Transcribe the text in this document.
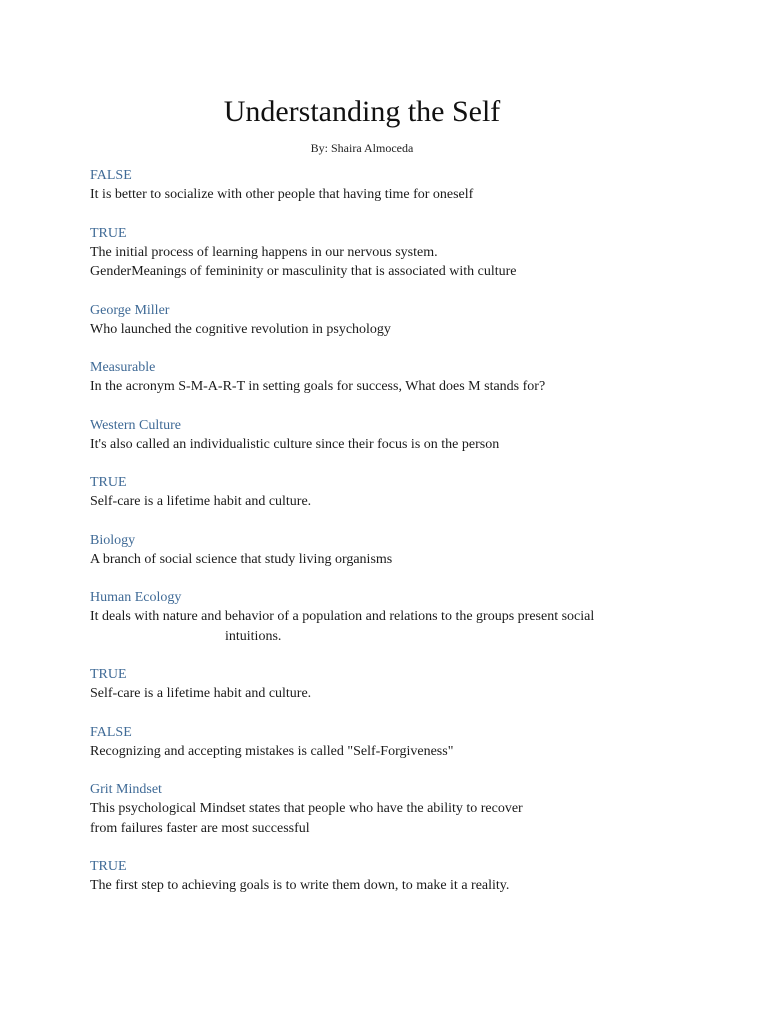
Understanding the Self
By: Shaira Almoceda
FALSE
It is better to socialize with other people that having time for oneself
TRUE
The initial process of learning happens in our nervous system.
GenderMeanings of femininity or masculinity that is associated with culture
George Miller
Who launched the cognitive revolution in psychology
Measurable
In the acronym S-M-A-R-T in setting goals for success, What does M stands for?
Western Culture
It's also called an individualistic culture since their focus is on the person
TRUE
Self-care is a lifetime habit and culture.
Biology
A branch of social science that study living organisms
Human Ecology
It deals with nature and behavior of a population and relations to the groups present social
intuitions.
TRUE
Self-care is a lifetime habit and culture.
FALSE
Recognizing and accepting mistakes is called "Self-Forgiveness"
Grit Mindset
This psychological Mindset states that people who have the ability to recover
from failures faster are most successful
TRUE
The first step to achieving goals is to write them down, to make it a reality.
